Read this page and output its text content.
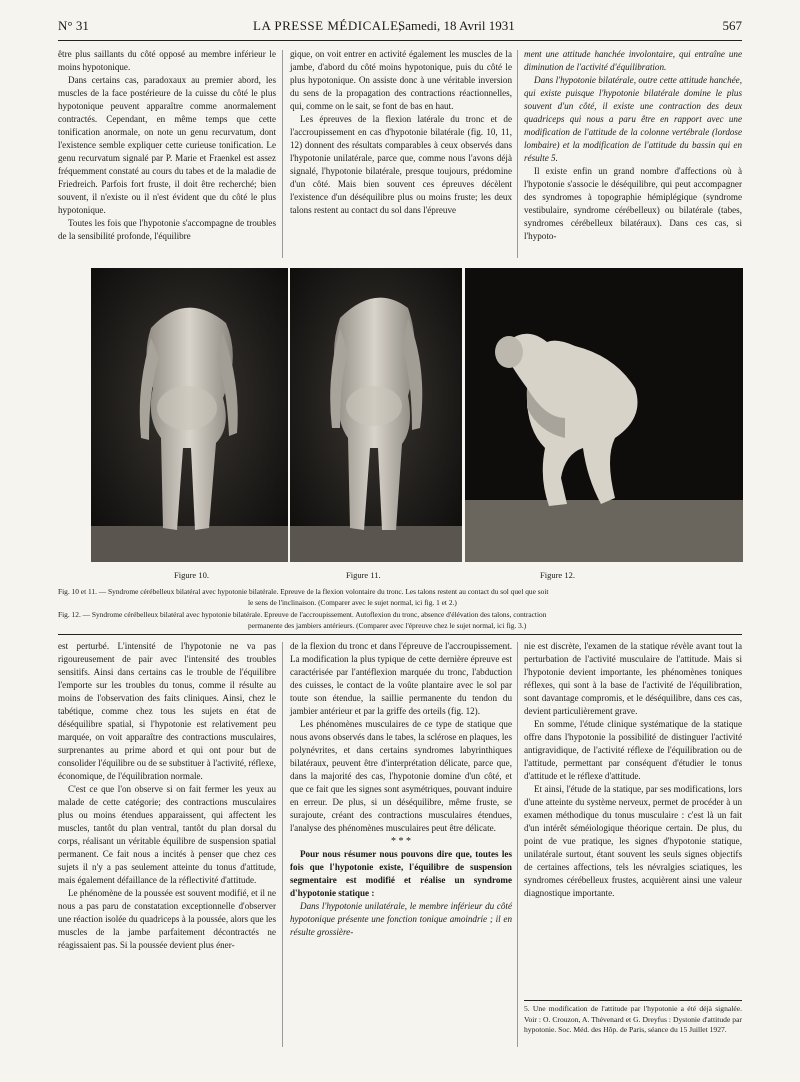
N° 31	LA PRESSE MÉDICALE,
Samedi, 18 Avril 1931	567

être plus saillants du côté opposé au membre inférieur le moins hypotonique.

Dans certains cas, paradoxaux au premier abord, les muscles de la face postérieure de la cuisse du côté le plus hypotonique peuvent apparaître comme anormalement contractés. Cependant, en même temps que cette tonification anormale, on note un genu recurvatum, dont l'existence semble expliquer cette curieuse tonification. Le genu recurvatum signalé par P. Marie et Fraenkel est assez fréquemment constaté au cours du tabes et de la maladie de Friedreich. Parfois fort fruste, il doit être recherché; bien souvent, il n'existe ou il n'est évident que du côté le plus hypotonique.

Toutes les fois que l'hypotonie s'accompagne de troubles de la sensibilité profonde, l'équilibre

gique, on voit entrer en activité également les muscles de la jambe, d'abord du côté moins hypotonique, puis du côté le plus hypotonique. On assiste donc à une véritable inversion du sens de la propagation des contractions réactionnelles, qui, comme on le sait, se font de bas en haut.

Les épreuves de la flexion latérale du tronc et de l'accroupissement en cas d'hypotonie bilatérale (fig. 10, 11, 12) donnent des résultats comparables à ceux observés dans l'hypotonie unilatérale, parce que, comme nous l'avons déjà signalé, l'hypotonie bilatérale, presque toujours, prédomine d'un côté. Mais bien souvent ces épreuves décèlent l'existence d'un déséquilibre plus ou moins fruste; les deux talons restent au contact du sol dans l'épreuve

ment une attitude hanchée involontaire, qui entraîne une diminution de l'activité d'équilibration.

Dans l'hypotonie bilatérale, outre cette attitude hanchée, qui existe puisque l'hypotonie bilatérale domine le plus souvent d'un côté, il existe une contraction des deux quadriceps qui nous a paru être en rapport avec une modification de l'attitude de la colonne vertébrale (lordose lombaire) et la modification de l'attitude du bassin qui en résulte 5.

Il existe enfin un grand nombre d'affections où à l'hypotonie s'associe le déséquilibre, qui peut accompagner des syndromes à topographie hémiplégique (syndrome vestibulaire, syndrome cérébelleux) ou bilatérale (tabes, syndromes cérébelleux bilatéraux). Dans ces cas, si l'hypoto-

Figure 10.	Figure 11.	Figure 12.

Fig. 10 et 11. — Syndrome cérébelleux bilatéral avec hypotonie bilatérale. Epreuve de la flexion volontaire du tronc. Les talons restent au contact du sol quel que soit

le sens de l'inclinaison. (Comparer avec le sujet normal, ici fig. 1 et 2.)

Fig. 12. — Syndrome cérébelleux bilatéral avec hypotonie bilatérale. Epreuve de l'accroupissement. Autoflexion du tronc, absence d'élévation des talons, contraction

permanente des jambiers antérieurs. (Comparer avec l'épreuve chez le sujet normal, ici fig. 3.)

est perturbé. L'intensité de l'hypotonie ne va pas rigoureusement de pair avec l'intensité des troubles sensitifs. Ainsi dans certains cas le trouble de l'équilibre l'emporte sur les troubles du tonus, comme il résulte au moins de l'observation des faits cliniques. Ainsi, chez le tabétique, comme chez tous les sujets en état de déséquilibre spatial, si l'hypotonie est relativement peu marquée, on voit apparaître des contractions musculaires, surprenantes au prime abord et qui ont pour but de consolider l'équilibre ou de se substituer à l'activité, réflexe, économique, de l'équilibration normale.

C'est ce que l'on observe si on fait fermer les yeux au malade de cette catégorie; des contractions musculaires plus ou moins étendues apparaissent, qui affectent les muscles, tantôt du plan ventral, tantôt du plan dorsal du corps, réalisant un véritable équilibre de suspension spatial permanent. Ce fait nous a incités à penser que chez ces sujets il n'y a pas seulement atteinte du tonus d'attitude, mais également défaillance de la réflectivité d'attitude.

Le phénomène de la poussée est souvent modifié, et il ne nous a pas paru de constatation exceptionnelle d'observer une réaction isolée du quadriceps à la poussée, alors que les muscles de la jambe parfaitement décontractés ne réagissaient pas. Si la poussée devient plus éner-

de la flexion du tronc et dans l'épreuve de l'accroupissement. La modification la plus typique de cette dernière épreuve est caractérisée par l'antéflexion marquée du tronc, l'abduction des cuisses, le contact de la voûte plantaire avec le sol par toute son étendue, la saillie permanente du tendon du jambier antérieur et par la griffe des orteils (fig. 12).

Les phénomènes musculaires de ce type de statique que nous avons observés dans le tabes, la sclérose en plaques, les polynévrites, et dans certains syndromes labyrinthiques bilatéraux, peuvent être d'interprétation délicate, parce que, dans la majorité des cas, l'hypotonie domine d'un côté, et que ce fait que les signes sont asymétriques, pouvant induire en erreur. De plus, si un déséquilibre, même fruste, se surajoute, créant des contractions musculaires étendues, l'analyse des phénomènes musculaires peut être délicate.

* * *

Pour nous résumer nous pouvons dire que, toutes les fois que l'hypotonie existe, l'équilibre de suspension segmentaire est modifié et réalise un syndrome d'hypotonie statique :

Dans l'hypotonie unilatérale, le membre inférieur du côté hypotonique présente une fonction tonique amoindrie ; il en résulte grossière-

nie est discrète, l'examen de la statique révèle avant tout la perturbation de l'activité musculaire de l'attitude. Mais si l'hypotonie devient importante, les phénomènes toniques réflexes, qui sont à la base de l'activité de l'équilibration, sont davantage compromis, et le déséquilibre, dans ces cas, devient particulièrement grave.

En somme, l'étude clinique systématique de la statique offre dans l'hypotonie la possibilité de distinguer l'activité antigravidique, de l'activité réflexe de l'équilibration ou de l'attitude, permettant par conséquent d'étudier le tonus d'attitude et le réflexe d'attitude.

Et ainsi, l'étude de la statique, par ses modifications, lors d'une atteinte du système nerveux, permet de procéder à un examen méthodique du tonus musculaire : c'est là un fait d'un intérêt séméiologique théorique certain. De plus, du point de vue pratique, les signes d'hypotonie statique, unilatérale surtout, étant souvent les seuls signes objectifs de certaines affections, tels les névralgies sciatiques, les syndromes cérébelleux frustes, acquièrent ainsi une valeur diagnostique importante.

5. Une modification de l'attitude par l'hypotonie a été déjà signalée. Voir : O. Crouzon, A. Thévenard et G. Dreyfus : Dystonie d'attitude par hypotonie. Soc. Méd. des Hôp. de Paris, séance du 15 Juillet 1927.
